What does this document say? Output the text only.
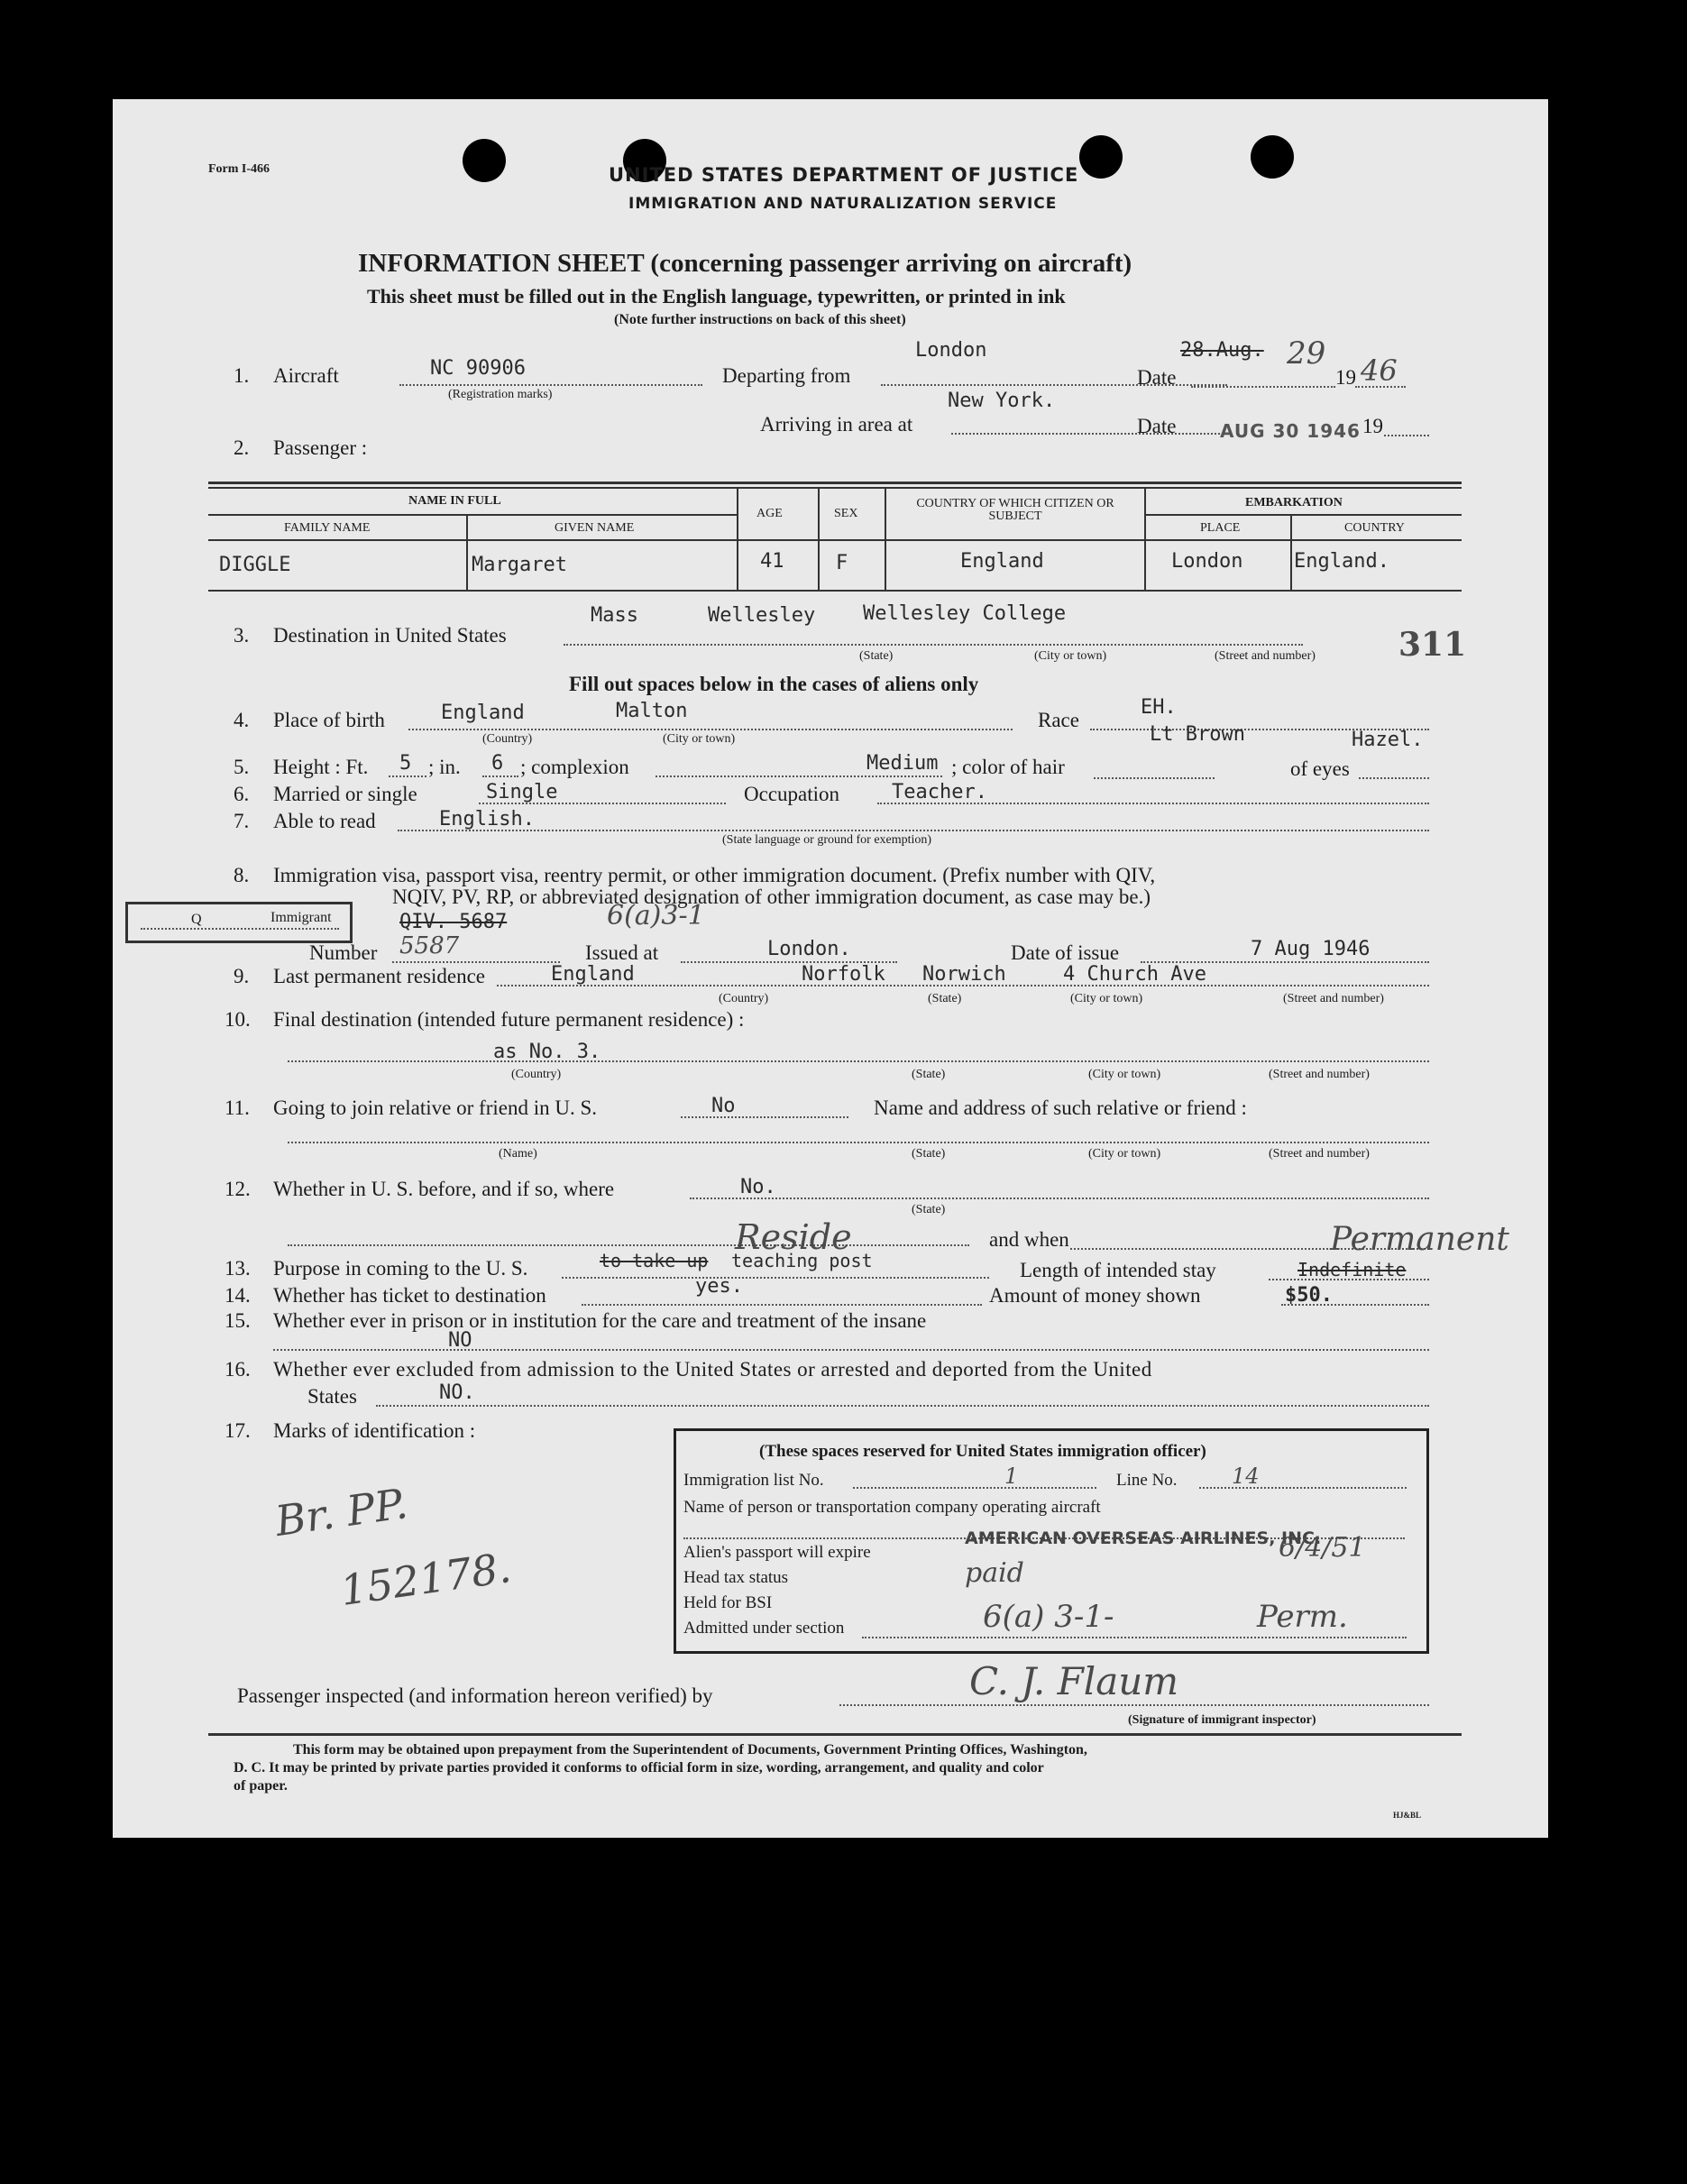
Form I-466	UNITED STATES DEPARTMENT OF JUSTICE
IMMIGRATION AND NATURALIZATION SERVICE
INFORMATION SHEET (concerning passenger arriving on aircraft)
This sheet must be filled out in the English language, typewritten, or printed in ink
(Note further instructions on back of this sheet)
1. Aircraft	NC 90906
(Registration marks)
Departing from
London
Date
28.Aug. 29
19 46
Arriving in area at
New York.
Date AUG 30 1946 19
2. Passenger :
NAME IN FULL
FAMILY NAME	GIVEN NAME
AGE	SEX
COUNTRY OF WHICH CITIZEN OR SUBJECT
EMBARKATION
PLACE	COUNTRY
DIGGLE	Margaret	41	F	England	London	England.
3. Destination in United States
Mass	Wellesley Wellesley College
311
(State)	(City or town)	(Street and number)
Fill out spaces below in the cases of aliens only
4. Place of birth	England	Malton
(Country)	(City or town)
Race
EH.
5. Height : Ft. 5 ; in. 6 ; complexion	Medium ; color of hair
Lt Brown
of eyes
Hazel.
6. Married or single	Single	Occupation	Teacher.
7. Able to read	English.
(State language or ground for exemption)
8. Immigration visa, passport visa, reentry permit, or other immigration document. (Prefix number with QIV,
NQIV, PV, RP, or abbreviated designation of other immigration document, as case may be.)
Q	Immigrant	QIV. 5687	6(a)3-1
Number 5587	Issued at	London.	Date of issue	7 Aug 1946
9. Last permanent residence	England	Norfolk Norwich	4 Church Ave
(Country)	(State)	(City or town)	(Street and number)
10. Final destination (intended future permanent residence) :
as No. 3.
(Country)	(State)	(City or town)	(Street and number)
11. Going to join relative or friend in U. S.	No	Name and address of such relative or friend :
(Name)	(State)	(City or town)	(Street and number)
12. Whether in U. S. before, and if so, where	No.
(State)
and when
13. Purpose in coming to the U. S.
Reside
to take up teaching post	Length of intended stay	Indefinite
Permanent
14. Whether has ticket to destination	yes.	Amount of money shown	$50.
15. Whether ever in prison or in institution for the care and treatment of the insane
NO
16. Whether ever excluded from admission to the United States or arrested and deported from the United
States	NO.
17. Marks of identification :
Br. PP.
152178.
(These spaces reserved for United States immigration officer)
Immigration list No.	1	Line No.	14
Name of person or transportation company operating aircraft
AMERICAN OVERSEAS AIRLINES, INC.
Alien's passport will expire	6/4/51
Head tax status	paid
Held for BSI
Admitted under section	6(a) 3-1-	Perm.
Passenger inspected (and information hereon verified) by	C. J. Flaum
(Signature of immigrant inspector)
This form may be obtained upon prepayment from the Superintendent of Documents, Government Printing Offices, Washington,
D. C. It may be printed by private parties provided it conforms to official form in size, wording, arrangement, and quality and color
of paper.
HJ&BL
